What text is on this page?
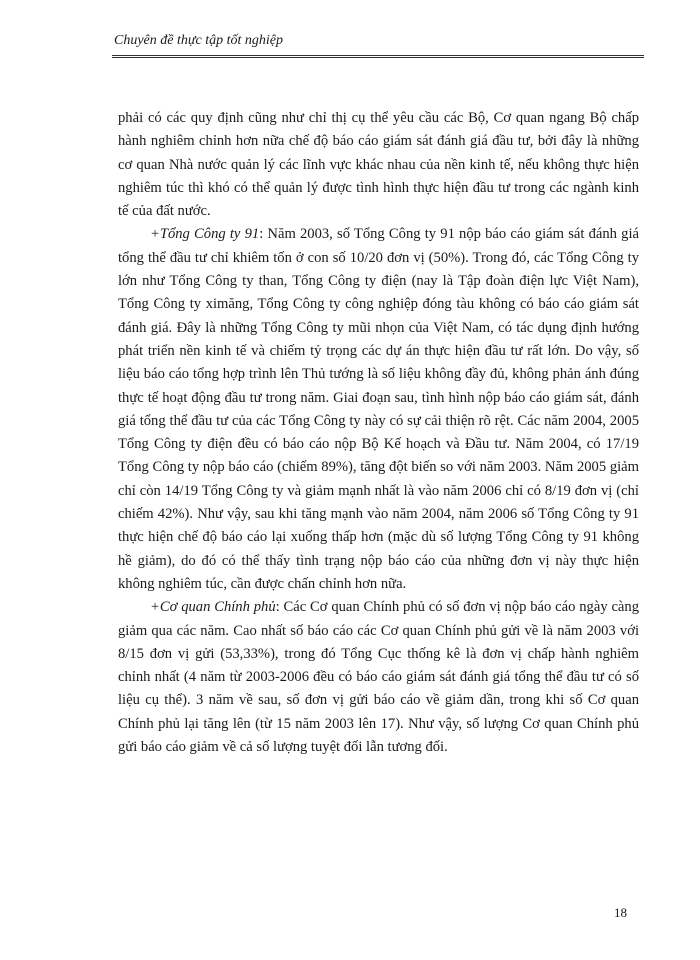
Chuyên đề thực tập tốt nghiệp

phải có các quy định cũng như chỉ thị cụ thể yêu cầu các Bộ, Cơ quan ngang Bộ chấp hành nghiêm chỉnh hơn nữa chế độ báo cáo giám sát đánh giá đầu tư, bởi đây là những cơ quan Nhà nước quản lý các lĩnh vực khác nhau của nền kinh tế, nếu không thực hiện nghiêm túc thì khó có thể quản lý được tình hình thực hiện đầu tư trong các ngành kinh tế của đất nước.

+Tổng Công ty 91: Năm 2003, số Tổng Công ty 91 nộp báo cáo giám sát đánh giá tổng thể đầu tư chỉ khiêm tốn ở con số 10/20 đơn vị (50%). Trong đó, các Tổng Công ty lớn như Tổng Công ty than, Tổng Công ty điện (nay là Tập đoàn điện lực Việt Nam), Tổng Công ty ximăng, Tổng Công ty công nghiệp đóng tàu không có báo cáo giám sát đánh giá. Đây là những Tổng Công ty mũi nhọn của Việt Nam, có tác dụng định hướng phát triển nền kinh tế và chiếm tỷ trọng các dự án thực hiện đầu tư rất lớn. Do vậy, số liệu báo cáo tổng hợp trình lên Thủ tướng là số liệu không đầy đủ, không phản ánh đúng thực tế hoạt động đầu tư trong năm. Giai đoạn sau, tình hình nộp báo cáo giám sát, đánh giá tổng thể đầu tư của các Tổng Công ty này có sự cải thiện rõ rệt. Các năm 2004, 2005 Tổng Công ty điện đều có báo cáo nộp Bộ Kế hoạch và Đầu tư. Năm 2004, có 17/19 Tổng Công ty nộp báo cáo (chiếm 89%), tăng đột biến so với năm 2003. Năm 2005 giảm chỉ còn 14/19 Tổng Công ty và giảm mạnh nhất là vào năm 2006 chỉ có 8/19 đơn vị (chỉ chiếm 42%). Như vậy, sau khi tăng mạnh vào năm 2004, năm 2006 số Tổng Công ty 91 thực hiện chế độ báo cáo lại xuống thấp hơn (mặc dù số lượng Tổng Công ty 91 không hề giảm), do đó có thể thấy tình trạng nộp báo cáo của những đơn vị này thực hiện không nghiêm túc, cần được chấn chỉnh hơn nữa.

+Cơ quan Chính phủ: Các Cơ quan Chính phủ có số đơn vị nộp báo cáo ngày càng giảm qua các năm. Cao nhất số báo cáo các Cơ quan Chính phủ gửi về là năm 2003 với 8/15 đơn vị gửi (53,33%), trong đó Tổng Cục thống kê là đơn vị chấp hành nghiêm chỉnh nhất (4 năm từ 2003-2006 đều có báo cáo giám sát đánh giá tổng thể đầu tư có số liệu cụ thể). 3 năm về sau, số đơn vị gửi báo cáo về giảm dần, trong khi số Cơ quan Chính phủ lại tăng lên (từ 15 năm 2003 lên 17). Như vậy, số lượng Cơ quan Chính phủ gửi báo cáo giảm về cả số lượng tuyệt đối lẫn tương đối.

18
